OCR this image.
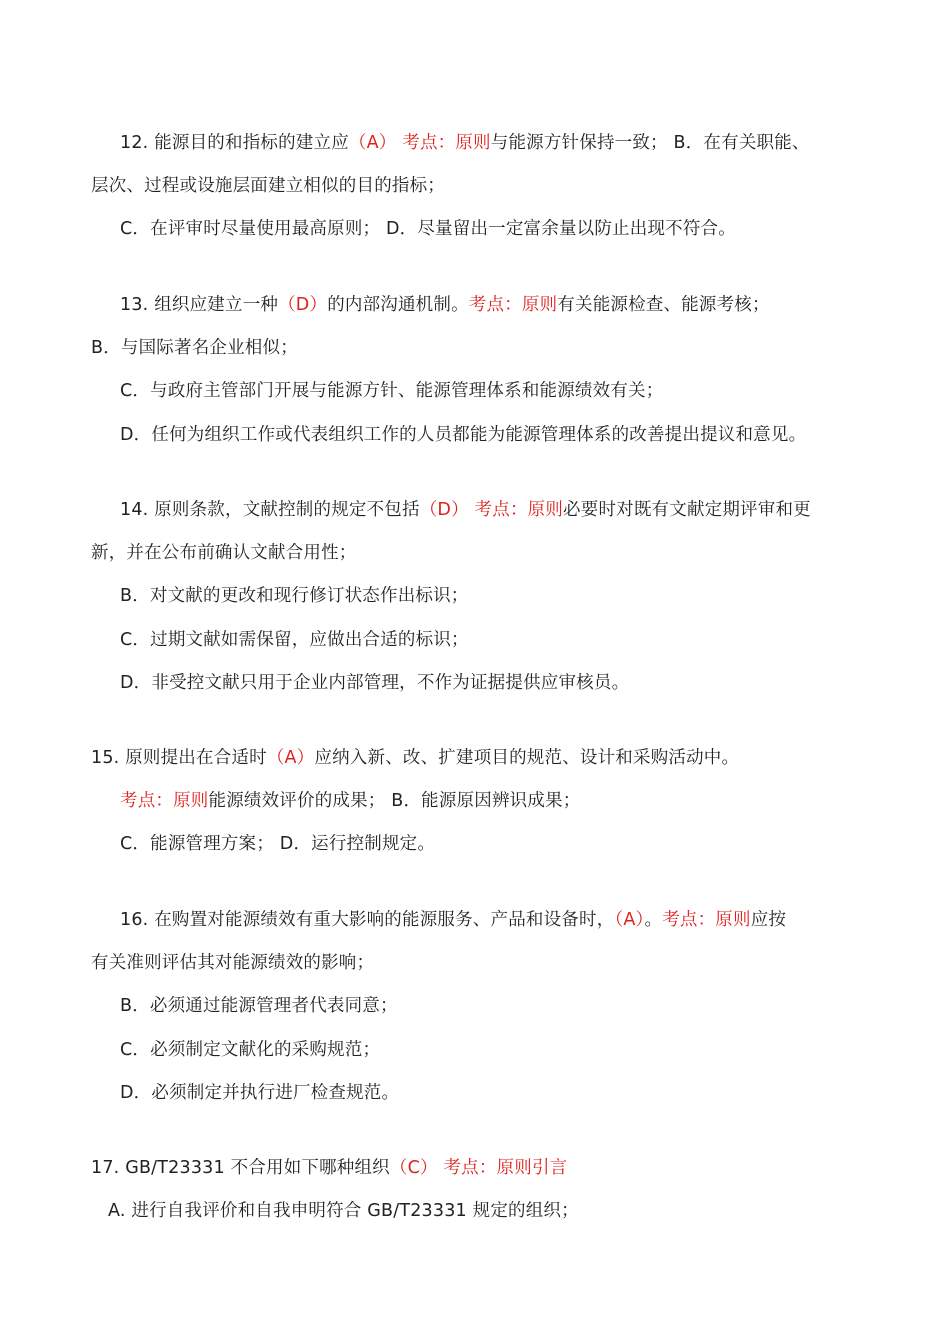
12. 能源目的和指标的建立应（A） 考点：原则与能源方针保持一致； B．在有关职能、
层次、过程或设施层面建立相似的目的指标；
C．在评审时尽量使用最高原则； D．尽量留出一定富余量以防止出现不符合。
13. 组织应建立一种（D）的内部沟通机制。考点：原则有关能源检查、能源考核；
B．与国际著名企业相似；
C．与政府主管部门开展与能源方针、能源管理体系和能源绩效有关；
D．任何为组织工作或代表组织工作的人员都能为能源管理体系的改善提出提议和意见。
14. 原则条款，文献控制的规定不包括（D） 考点：原则必要时对既有文献定期评审和更
新，并在公布前确认文献合用性；
B．对文献的更改和现行修订状态作出标识；
C．过期文献如需保留，应做出合适的标识；
D．非受控文献只用于企业内部管理，不作为证据提供应审核员。
15. 原则提出在合适时（A）应纳入新、改、扩建项目的规范、设计和采购活动中。
考点：原则能源绩效评价的成果； B．能源原因辨识成果；
C．能源管理方案； D．运行控制规定。
16. 在购置对能源绩效有重大影响的能源服务、产品和设备时，（A）。考点：原则应按
有关准则评估其对能源绩效的影响；
B．必须通过能源管理者代表同意；
C．必须制定文献化的采购规范；
D．必须制定并执行进厂检查规范。
17. GB/T23331 不合用如下哪种组织（C） 考点：原则引言
A. 进行自我评价和自我申明符合 GB/T23331 规定的组织；
